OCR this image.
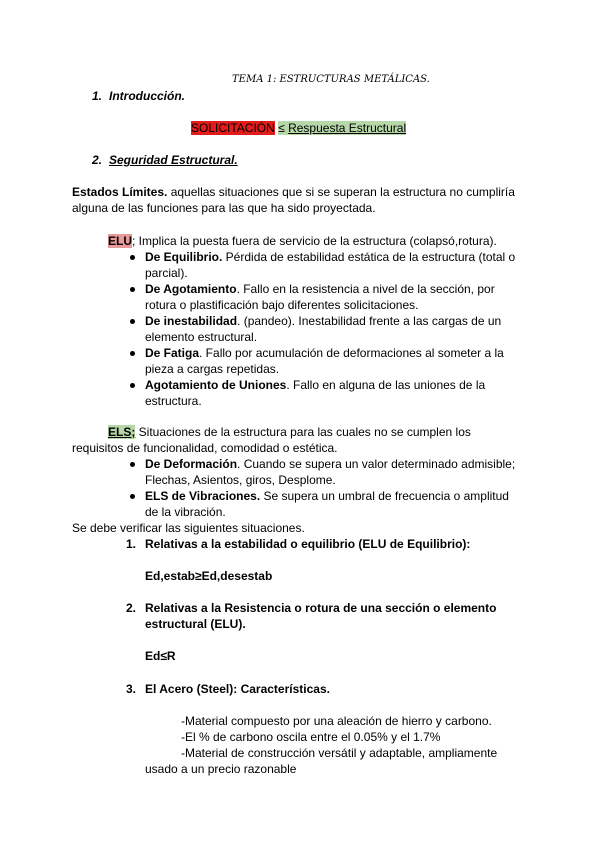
TEMA 1: ESTRUCTURAS METÁLICAS.
1. Introducción.
SOLICITACIÓN ≤ Respuesta Estructural
2. Seguridad Estructural.
Estados Límites. aquellas situaciones que si se superan la estructura no cumpliría
alguna de las funciones para las que ha sido proyectada.
ELU; Implica la puesta fuera de servicio de la estructura (colapsó,rotura).
De Equilibrio. Pérdida de estabilidad estática de la estructura (total o
parcial).
De Agotamiento. Fallo en la resistencia a nivel de la sección, por
rotura o plastificación bajo diferentes solicitaciones.
De inestabilidad. (pandeo). Inestabilidad frente a las cargas de un
elemento estructural.
De Fatiga. Fallo por acumulación de deformaciones al someter a la
pieza a cargas repetidas.
Agotamiento de Uniones. Fallo en alguna de las uniones de la
estructura.
ELS; Situaciones de la estructura para las cuales no se cumplen los
requisitos de funcionalidad, comodidad o estética.
De Deformación. Cuando se supera un valor determinado admisible;
Flechas, Asientos, giros, Desplome.
ELS de Vibraciones. Se supera un umbral de frecuencia o amplitud
de la vibración.
Se debe verificar las siguientes situaciones.
1. Relativas a la estabilidad o equilibrio (ELU de Equilibrio):
Ed,estab≥Ed,desestab
2. Relativas a la Resistencia o rotura de una sección o elemento
estructural (ELU).
Ed≤R
3. El Acero (Steel): Características.
-Material compuesto por una aleación de hierro y carbono.
-El % de carbono oscila entre el 0.05% y el 1.7%
-Material de construcción versátil y adaptable, ampliamente
usado a un precio razonable
